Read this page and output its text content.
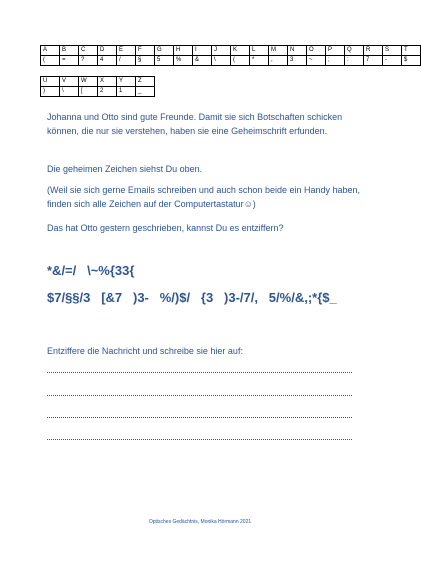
A	B	C	D	E	F	G	H	I	J	K	L	M	N	O	P	Q	R	S	T
(	=	?	4	/	§	5	%	&	\	(	*	,	3	~	;	:	7	-	$
U	V	W	X	Y	Z
)	\	[	2	1	_
Johanna und Otto sind gute Freunde. Damit sie sich Botschaften schicken können, die nur sie verstehen, haben sie eine Geheimschrift erfunden.
Die geheimen Zeichen siehst Du oben.
(Weil sie sich gerne Emails schreiben und auch schon beide ein Handy haben, finden sich alle Zeichen auf der Computertastatur☺)
Das hat Otto gestern geschrieben, kannst Du es entziffern?
*&/=/   \~%{33{
$7/§§/3   [&7   )3-   %/)$/   {3   )3-/7/,   5/%/&,;*{$_
Entziffere die Nachricht und schreibe sie hier auf:
Optisches Gedächtnis, Monika Hörmann 2021
